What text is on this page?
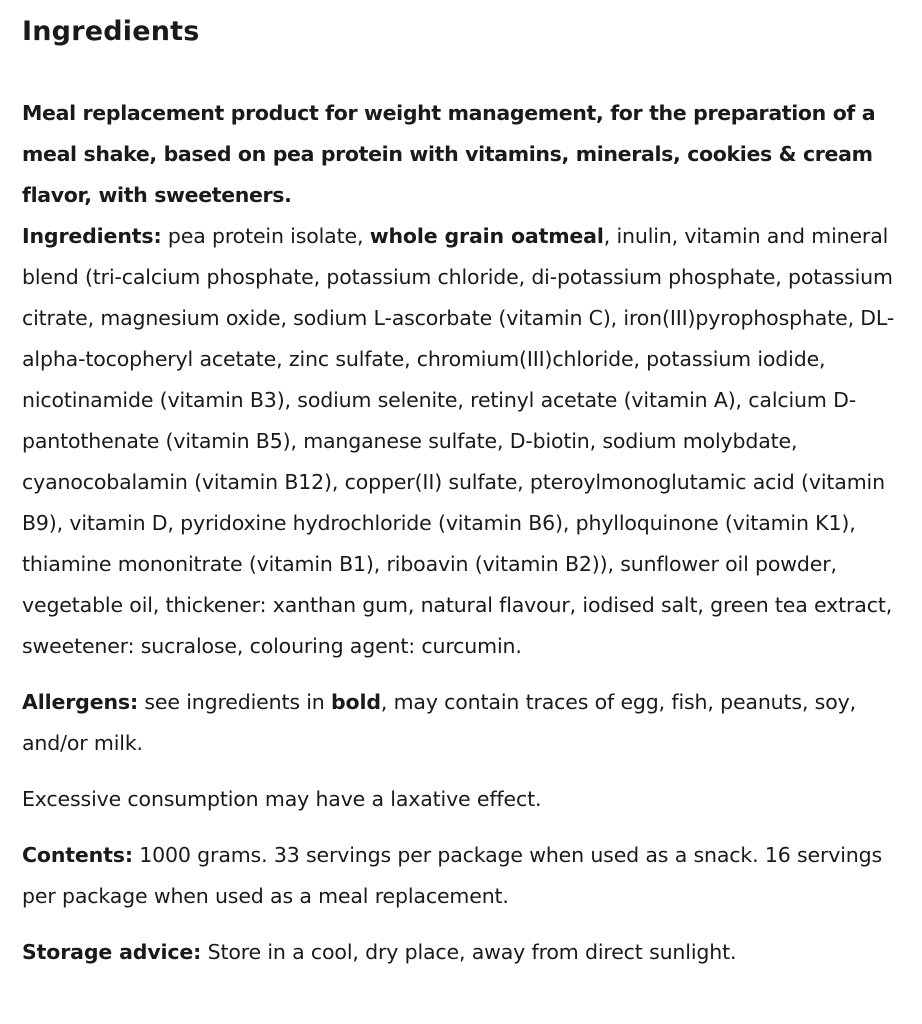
Ingredients
Meal replacement product for weight management, for the preparation of a meal shake, based on pea protein with vitamins, minerals, cookies & cream flavor, with sweeteners.
Ingredients: pea protein isolate, whole grain oatmeal, inulin, vitamin and mineral blend (tri-calcium phosphate, potassium chloride, di-potassium phosphate, potassium citrate, magnesium oxide, sodium L-ascorbate (vitamin C), iron(III)pyrophosphate, DL-alpha-tocopheryl acetate, zinc sulfate, chromium(III)chloride, potassium iodide, nicotinamide (vitamin B3), sodium selenite, retinyl acetate (vitamin A), calcium D-pantothenate (vitamin B5), manganese sulfate, D-biotin, sodium molybdate, cyanocobalamin (vitamin B12), copper(II) sulfate, pteroylmonoglutamic acid (vitamin B9), vitamin D, pyridoxine hydrochloride (vitamin B6), phylloquinone (vitamin K1), thiamine mononitrate (vitamin B1), riboavin (vitamin B2)), sunflower oil powder, vegetable oil, thickener: xanthan gum, natural flavour, iodised salt, green tea extract, sweetener: sucralose, colouring agent: curcumin.
Allergens: see ingredients in bold, may contain traces of egg, fish, peanuts, soy, and/or milk.
Excessive consumption may have a laxative effect.
Contents: 1000 grams. 33 servings per package when used as a snack. 16 servings per package when used as a meal replacement.
Storage advice: Store in a cool, dry place, away from direct sunlight.
